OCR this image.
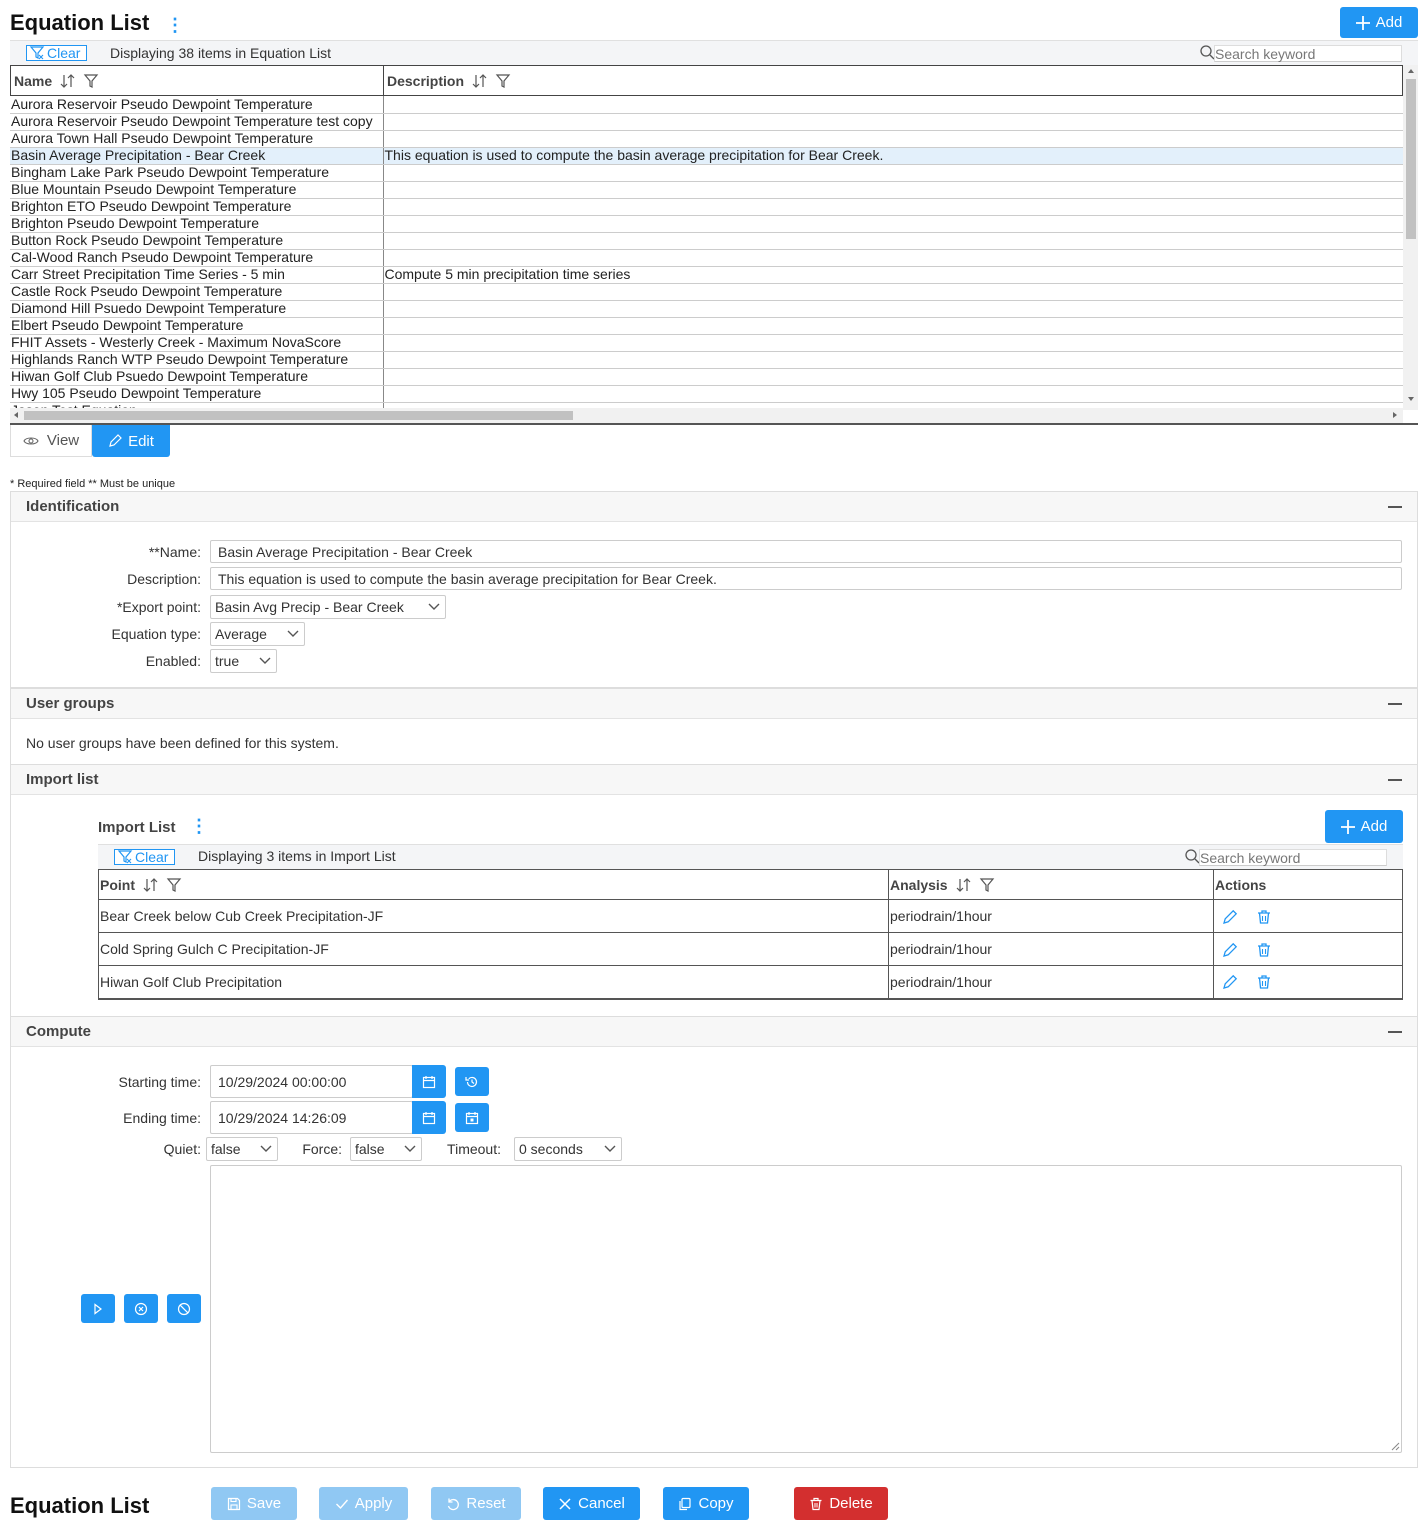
Equation List ⋮	Add
Clear Displaying 38 items in Equation List	Search keyword
Name	Description
Aurora Reservoir Pseudo Dewpoint Temperature	
Aurora Reservoir Pseudo Dewpoint Temperature test copy	
Aurora Town Hall Pseudo Dewpoint Temperature	
Basin Average Precipitation - Bear Creek	This equation is used to compute the basin average precipitation for Bear Creek.
Bingham Lake Park Pseudo Dewpoint Temperature	
Blue Mountain Pseudo Dewpoint Temperature	
Brighton ETO Pseudo Dewpoint Temperature	
Brighton Pseudo Dewpoint Temperature	
Button Rock Pseudo Dewpoint Temperature	
Cal-Wood Ranch Pseudo Dewpoint Temperature	
Carr Street Precipitation Time Series - 5 min	Compute 5 min precipitation time series
Castle Rock Pseudo Dewpoint Temperature	
Diamond Hill Psuedo Dewpoint Temperature	
Elbert Pseudo Dewpoint Temperature	
FHIT Assets - Westerly Creek - Maximum NovaScore	
Highlands Ranch WTP Pseudo Dewpoint Temperature	
Hiwan Golf Club Psuedo Dewpoint Temperature	
Hwy 105 Pseudo Dewpoint Temperature	

View	Edit
* Required field ** Must be unique
Identification
**Name:	Basin Average Precipitation - Bear Creek
Description:	This equation is used to compute the basin average precipitation for Bear Creek.
*Export point: Basin Avg Precip - Bear Creek
Equation type: Average
Enabled: true
User groups
No user groups have been defined for this system.
Import list
Import List ⋮	Add
Clear Displaying 3 items in Import List	Search keyword
Point	Analysis	Actions
Bear Creek below Cub Creek Precipitation-JF	periodrain/1hour	

Cold Spring Gulch C Precipitation-JF	periodrain/1hour	

Hiwan Golf Club Precipitation	periodrain/1hour	
Compute
Starting time:	10/29/2024 00:00:00
Ending time:	10/29/2024 14:26:09
Quiet: false	Force: false	Timeout: 0 seconds
Equation List	Save	Apply	Reset	Cancel	Copy	Delete
